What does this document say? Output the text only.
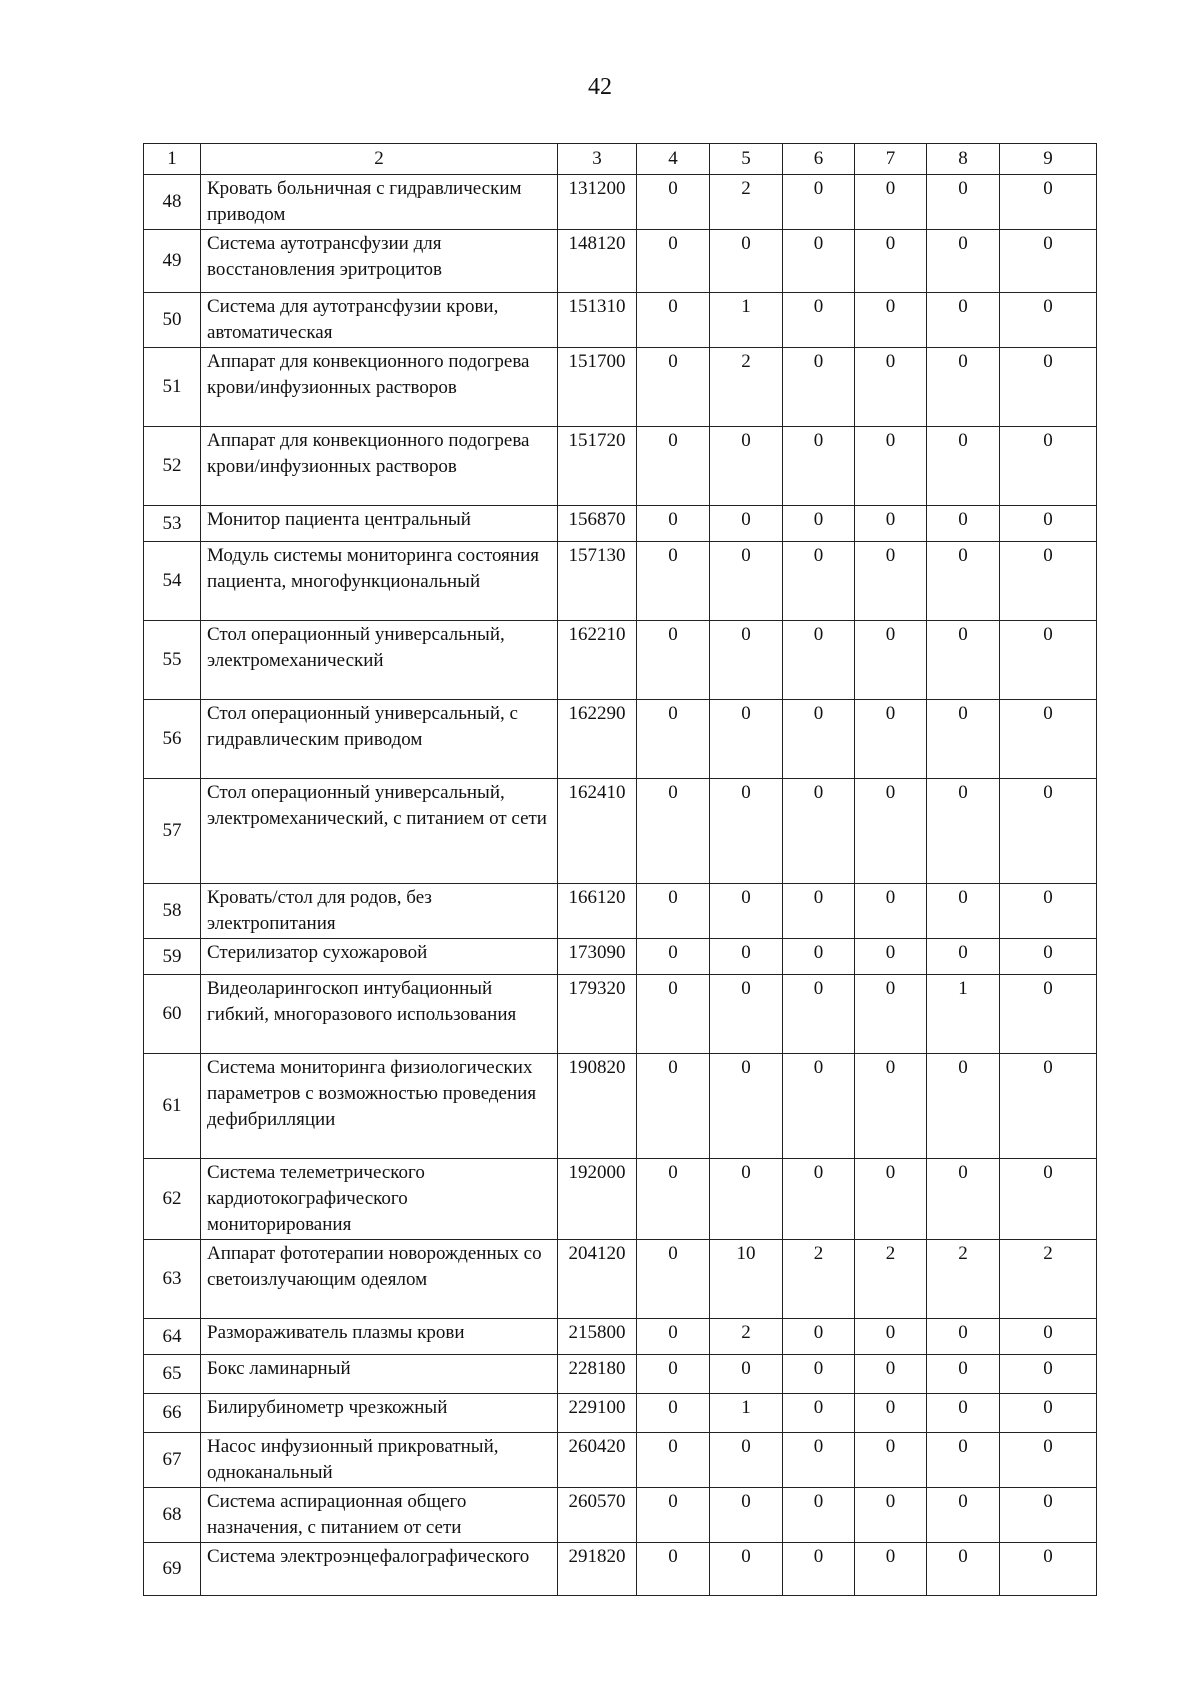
42
1	2	3	4	5	6	7	8	9
48	Кровать больничная с гидравлическим приводом	131200	0	2	0	0	0	0
49	Система аутотрансфузии для восстановления эритроцитов	148120	0	0	0	0	0	0
50	Система для аутотрансфузии крови, автоматическая	151310	0	1	0	0	0	0
51	Аппарат для конвекционного подогрева крови/инфузионных растворов	151700	0	2	0	0	0	0
52	Аппарат для конвекционного подогрева крови/инфузионных растворов	151720	0	0	0	0	0	0
53	Монитор пациента центральный	156870	0	0	0	0	0	0
54	Модуль системы мониторинга состояния пациента, многофункциональный	157130	0	0	0	0	0	0
55	Стол операционный универсальный, электромеханический	162210	0	0	0	0	0	0
56	Стол операционный универсальный, с гидравлическим приводом	162290	0	0	0	0	0	0
57	Стол операционный универсальный, электромеханический, с питанием от сети	162410	0	0	0	0	0	0
58	Кровать/стол для родов, без электропитания	166120	0	0	0	0	0	0
59	Стерилизатор сухожаровой	173090	0	0	0	0	0	0
60	Видеоларингоскоп интубационный гибкий, многоразового использования	179320	0	0	0	0	1	0
61	Система мониторинга физиологических параметров с возможностью проведения дефибрилляции	190820	0	0	0	0	0	0
62	Система телеметрического кардиотокографического мониторирования	192000	0	0	0	0	0	0
63	Аппарат фототерапии новорожденных со светоизлучающим одеялом	204120	0	10	2	2	2	2
64	Размораживатель плазмы крови	215800	0	2	0	0	0	0
65	Бокс ламинарный	228180	0	0	0	0	0	0
66	Билирубинометр чрезкожный	229100	0	1	0	0	0	0
67	Насос инфузионный прикроватный, одноканальный	260420	0	0	0	0	0	0
68	Система аспирационная общего назначения, с питанием от сети	260570	0	0	0	0	0	0
69	Система электроэнцефалографического	291820	0	0	0	0	0	0
